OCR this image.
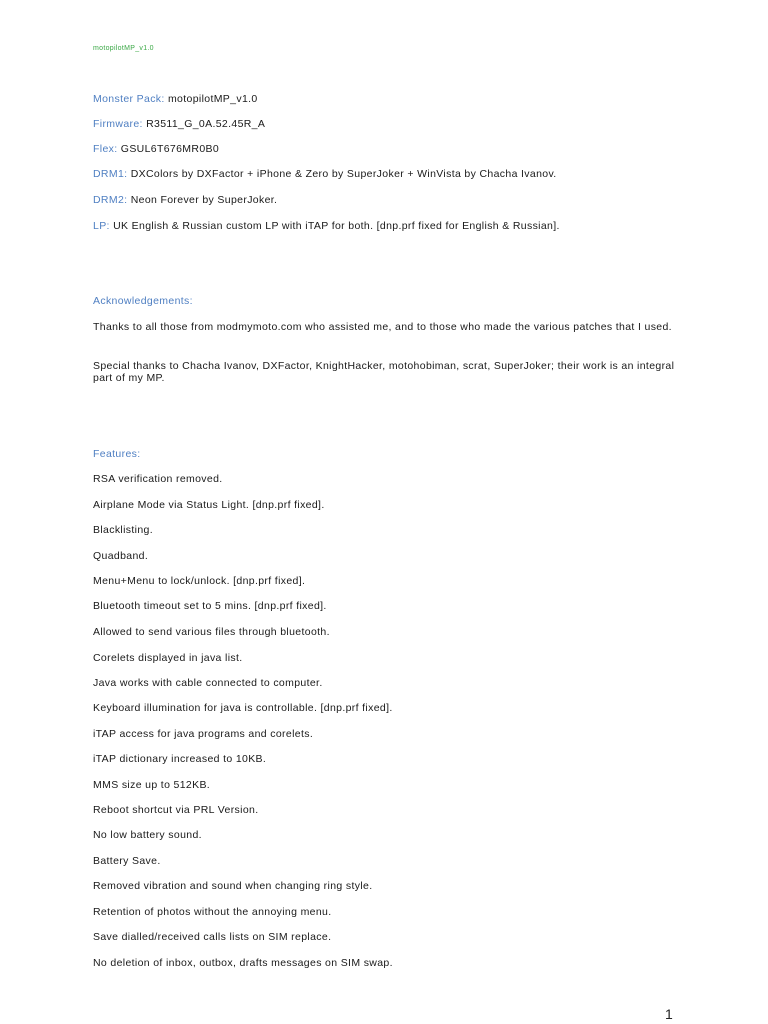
motopilotMP_v1.0
Monster Pack: motopilotMP_v1.0
Firmware: R3511_G_0A.52.45R_A
Flex: GSUL6T676MR0B0
DRM1: DXColors by DXFactor + iPhone & Zero by SuperJoker + WinVista by Chacha Ivanov.
DRM2: Neon Forever by SuperJoker.
LP: UK English & Russian custom LP with iTAP for both. [dnp.prf fixed for English & Russian].
Acknowledgements:
Thanks to all those from modmymoto.com who assisted me, and to those who made the various patches that I used.
Special thanks to Chacha Ivanov, DXFactor, KnightHacker, motohobiman, scrat, SuperJoker; their work is an integral part of my MP.
Features:
RSA verification removed.
Airplane Mode via Status Light. [dnp.prf fixed].
Blacklisting.
Quadband.
Menu+Menu to lock/unlock. [dnp.prf fixed].
Bluetooth timeout set to 5 mins. [dnp.prf fixed].
Allowed to send various files through bluetooth.
Corelets displayed in java list.
Java works with cable connected to computer.
Keyboard illumination for java is controllable. [dnp.prf fixed].
iTAP access for java programs and corelets.
iTAP dictionary increased to 10KB.
MMS size up to 512KB.
Reboot shortcut via PRL Version.
No low battery sound.
Battery Save.
Removed vibration and sound when changing ring style.
Retention of photos without the annoying menu.
Save dialled/received calls lists on SIM replace.
No deletion of inbox, outbox, drafts messages on SIM swap.
1
